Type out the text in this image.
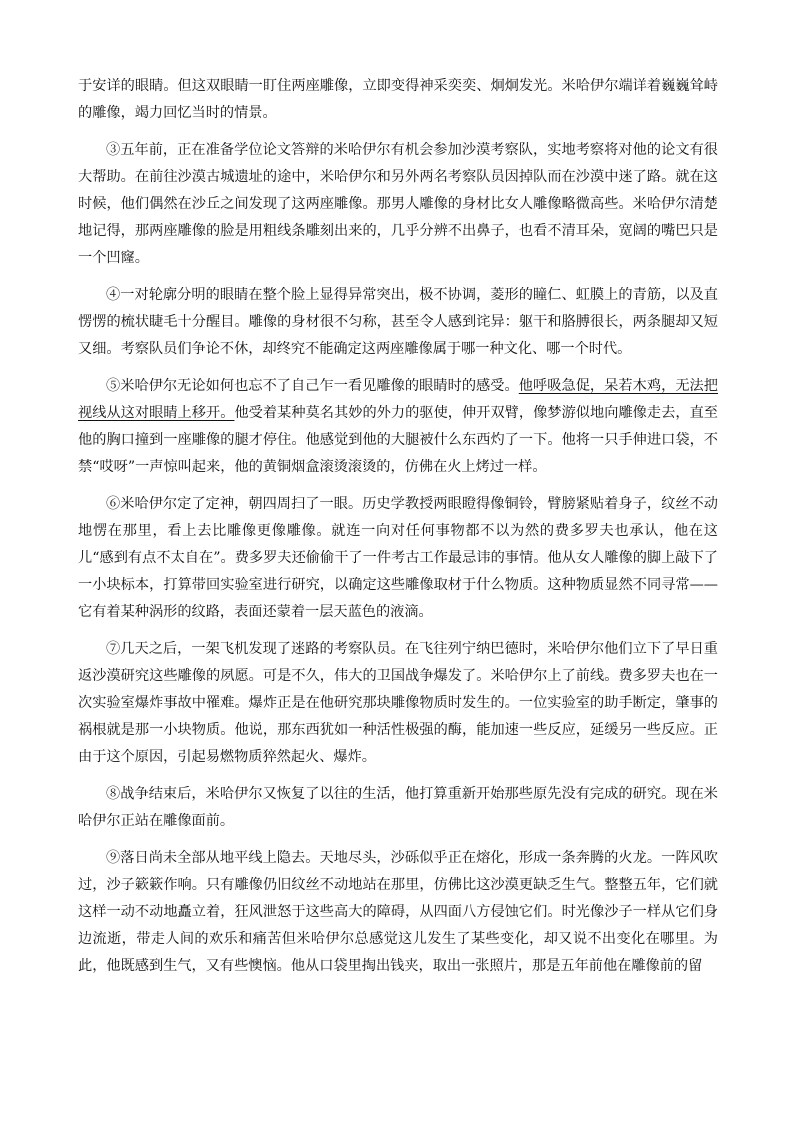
于安详的眼睛。但这双眼睛一盯住两座雕像，立即变得神采奕奕、炯炯发光。米哈伊尔端详着巍巍耸峙的雕像，竭力回忆当时的情景。

③五年前，正在准备学位论文答辩的米哈伊尔有机会参加沙漠考察队，实地考察将对他的论文有很大帮助。在前往沙漠古城遗址的途中，米哈伊尔和另外两名考察队员因掉队而在沙漠中迷了路。就在这时候，他们偶然在沙丘之间发现了这两座雕像。那男人雕像的身材比女人雕像略微高些。米哈伊尔清楚地记得，那两座雕像的脸是用粗线条雕刻出来的，几乎分辨不出鼻子，也看不清耳朵，宽阔的嘴巴只是一个凹窿。

④一对轮廓分明的眼睛在整个脸上显得异常突出，极不协调，菱形的瞳仁、虹膜上的青筋，以及直愣愣的梳状睫毛十分醒目。雕像的身材很不匀称，甚至令人感到诧异：躯干和胳膊很长，两条腿却又短又细。考察队员们争论不休，却终究不能确定这两座雕像属于哪一种文化、哪一个时代。

⑤米哈伊尔无论如何也忘不了自己乍一看见雕像的眼睛时的感受。他呼吸急促，呆若木鸡，无法把视线从这对眼睛上移开。他受着某种莫名其妙的外力的驱使，伸开双臂，像梦游似地向雕像走去，直至他的胸口撞到一座雕像的腿才停住。他感觉到他的大腿被什么东西灼了一下。他将一只手伸进口袋，不禁“哎呀”一声惊叫起来，他的黄铜烟盒滚烫滚烫的，仿佛在火上烤过一样。

⑥米哈伊尔定了定神，朝四周扫了一眼。历史学教授两眼瞪得像铜铃，臂膀紧贴着身子，纹丝不动地愣在那里，看上去比雕像更像雕像。就连一向对任何事物都不以为然的费多罗夫也承认，他在这儿“感到有点不太自在”。费多罗夫还偷偷干了一件考古工作最忌讳的事情。他从女人雕像的脚上敲下了一小块标本，打算带回实验室进行研究，以确定这些雕像取材于什么物质。这种物质显然不同寻常——它有着某种涡形的纹路，表面还蒙着一层天蓝色的液滴。

⑦几天之后，一架飞机发现了迷路的考察队员。在飞往列宁纳巴德时，米哈伊尔他们立下了早日重返沙漠研究这些雕像的夙愿。可是不久，伟大的卫国战争爆发了。米哈伊尔上了前线。费多罗夫也在一次实验室爆炸事故中罹难。爆炸正是在他研究那块雕像物质时发生的。一位实验室的助手断定，肇事的祸根就是那一小块物质。他说，那东西犹如一种活性极强的酶，能加速一些反应，延缓另一些反应。正由于这个原因，引起易燃物质猝然起火、爆炸。

⑧战争结束后，米哈伊尔又恢复了以往的生活，他打算重新开始那些原先没有完成的研究。现在米哈伊尔正站在雕像面前。

⑨落日尚未全部从地平线上隐去。天地尽头，沙砾似乎正在熔化，形成一条奔腾的火龙。一阵风吹过，沙子簌簌作响。只有雕像仍旧纹丝不动地站在那里，仿佛比这沙漠更缺乏生气。整整五年，它们就这样一动不动地矗立着，狂风泄怒于这些高大的障碍，从四面八方侵蚀它们。时光像沙子一样从它们身边流逝，带走人间的欢乐和痛苦但米哈伊尔总感觉这儿发生了某些变化，却又说不出变化在哪里。为此，他既感到生气，又有些懊恼。他从口袋里掏出钱夹，取出一张照片，那是五年前他在雕像前的留
